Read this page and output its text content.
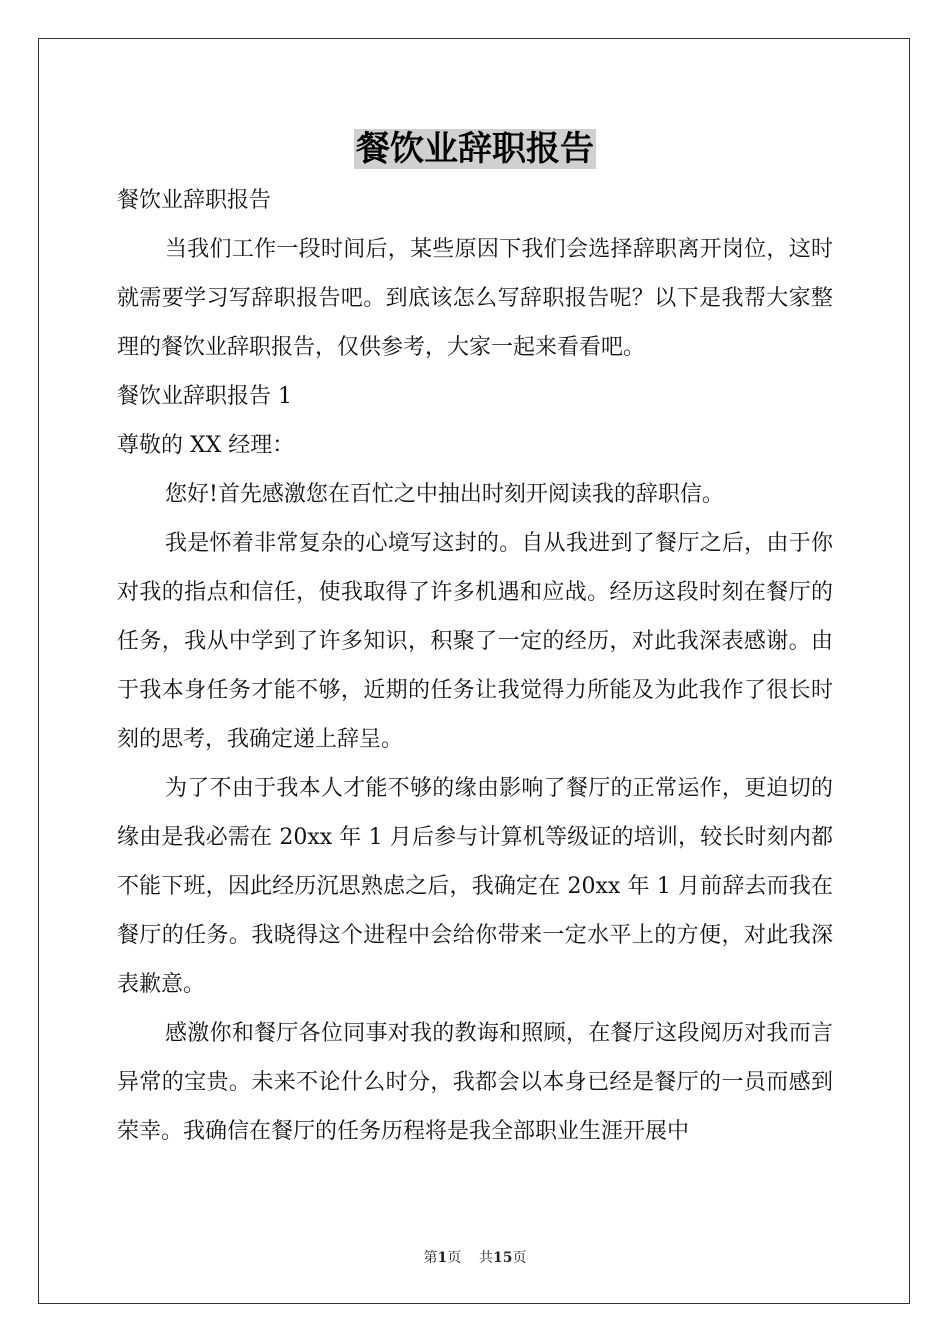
餐饮业辞职报告

餐饮业辞职报告

当我们工作一段时间后，某些原因下我们会选择辞职离开岗位，这时就需要学习写辞职报告吧。到底该怎么写辞职报告呢？以下是我帮大家整理的餐饮业辞职报告，仅供参考，大家一起来看看吧。

餐饮业辞职报告 1

尊敬的 XX 经理：

您好!首先感激您在百忙之中抽出时刻开阅读我的辞职信。

我是怀着非常复杂的心境写这封的。自从我进到了餐厅之后，由于你对我的指点和信任，使我取得了许多机遇和应战。经历这段时刻在餐厅的任务，我从中学到了许多知识，积聚了一定的经历，对此我深表感谢。由于我本身任务才能不够，近期的任务让我觉得力所能及为此我作了很长时刻的思考，我确定递上辞呈。

为了不由于我本人才能不够的缘由影响了餐厅的正常运作，更迫切的缘由是我必需在 20xx 年 1 月后参与计算机等级证的培训，较长时刻内都不能下班，因此经历沉思熟虑之后，我确定在 20xx 年 1 月前辞去而我在餐厅的任务。我晓得这个进程中会给你带来一定水平上的方便，对此我深表歉意。

感激你和餐厅各位同事对我的教诲和照顾，在餐厅这段阅历对我而言异常的宝贵。未来不论什么时分，我都会以本身已经是餐厅的一员而感到荣幸。我确信在餐厅的任务历程将是我全部职业生涯开展中

第1页 共15页
